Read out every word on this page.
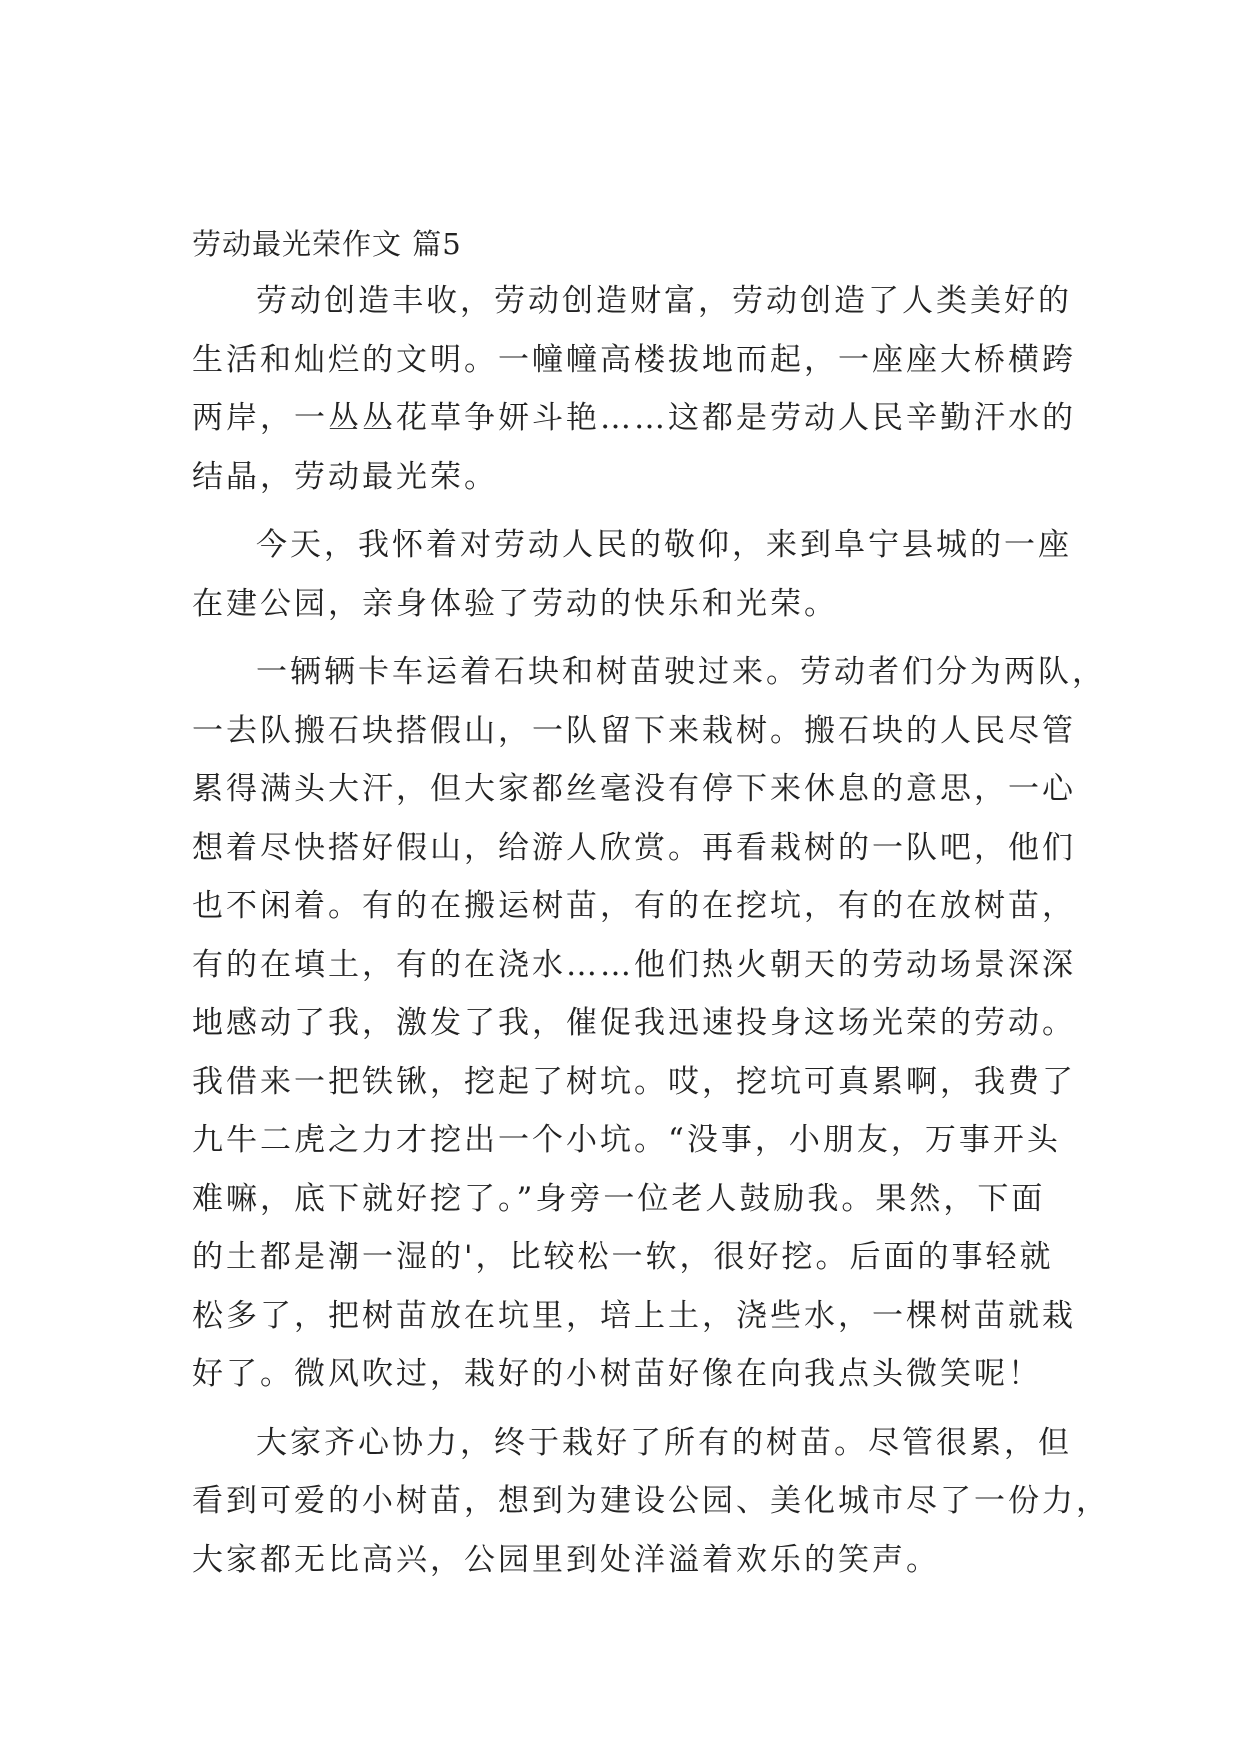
劳动最光荣作文 篇5
劳动创造丰收，劳动创造财富，劳动创造了人类美好的
生活和灿烂的文明。一幢幢高楼拔地而起，一座座大桥横跨
两岸，一丛丛花草争妍斗艳……这都是劳动人民辛勤汗水的
结晶，劳动最光荣。
今天，我怀着对劳动人民的敬仰，来到阜宁县城的一座
在建公园，亲身体验了劳动的快乐和光荣。
一辆辆卡车运着石块和树苗驶过来。劳动者们分为两队，
一去队搬石块搭假山，一队留下来栽树。搬石块的人民尽管
累得满头大汗，但大家都丝毫没有停下来休息的意思，一心
想着尽快搭好假山，给游人欣赏。再看栽树的一队吧，他们
也不闲着。有的在搬运树苗，有的在挖坑，有的在放树苗，
有的在填土，有的在浇水……他们热火朝天的劳动场景深深
地感动了我，激发了我，催促我迅速投身这场光荣的劳动。
我借来一把铁锹，挖起了树坑。哎，挖坑可真累啊，我费了
九牛二虎之力才挖出一个小坑。“没事，小朋友，万事开头
难嘛，底下就好挖了。”身旁一位老人鼓励我。果然，下面
的土都是潮一湿的'，比较松一软，很好挖。后面的事轻就
松多了，把树苗放在坑里，培上土，浇些水，一棵树苗就栽
好了。微风吹过，栽好的小树苗好像在向我点头微笑呢！
大家齐心协力，终于栽好了所有的树苗。尽管很累，但
看到可爱的小树苗，想到为建设公园、美化城市尽了一份力，
大家都无比高兴，公园里到处洋溢着欢乐的笑声。
